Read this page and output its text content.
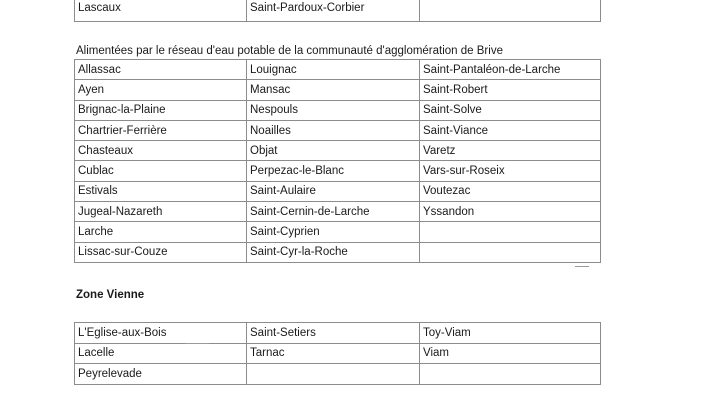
Lascaux	Saint-Pardoux-Corbier	
Alimentées par le réseau d'eau potable de la communauté d'agglomération de Brive
Allassac	Louignac	Saint-Pantaléon-de-Larche
Ayen	Mansac	Saint-Robert
Brignac-la-Plaine	Nespouls	Saint-Solve
Chartrier-Ferrière	Noailles	Saint-Viance
Chasteaux	Objat	Varetz
Cublac	Perpezac-le-Blanc	Vars-sur-Roseix
Estivals	Saint-Aulaire	Voutezac
Jugeal-Nazareth	Saint-Cernin-de-Larche	Yssandon
Larche	Saint-Cyprien	
Lissac-sur-Couze	Saint-Cyr-la-Roche	
Zone Vienne
L'Eglise-aux-Bois	Saint-Setiers	Toy-Viam
Lacelle	Tarnac	Viam
Peyrelevade		
